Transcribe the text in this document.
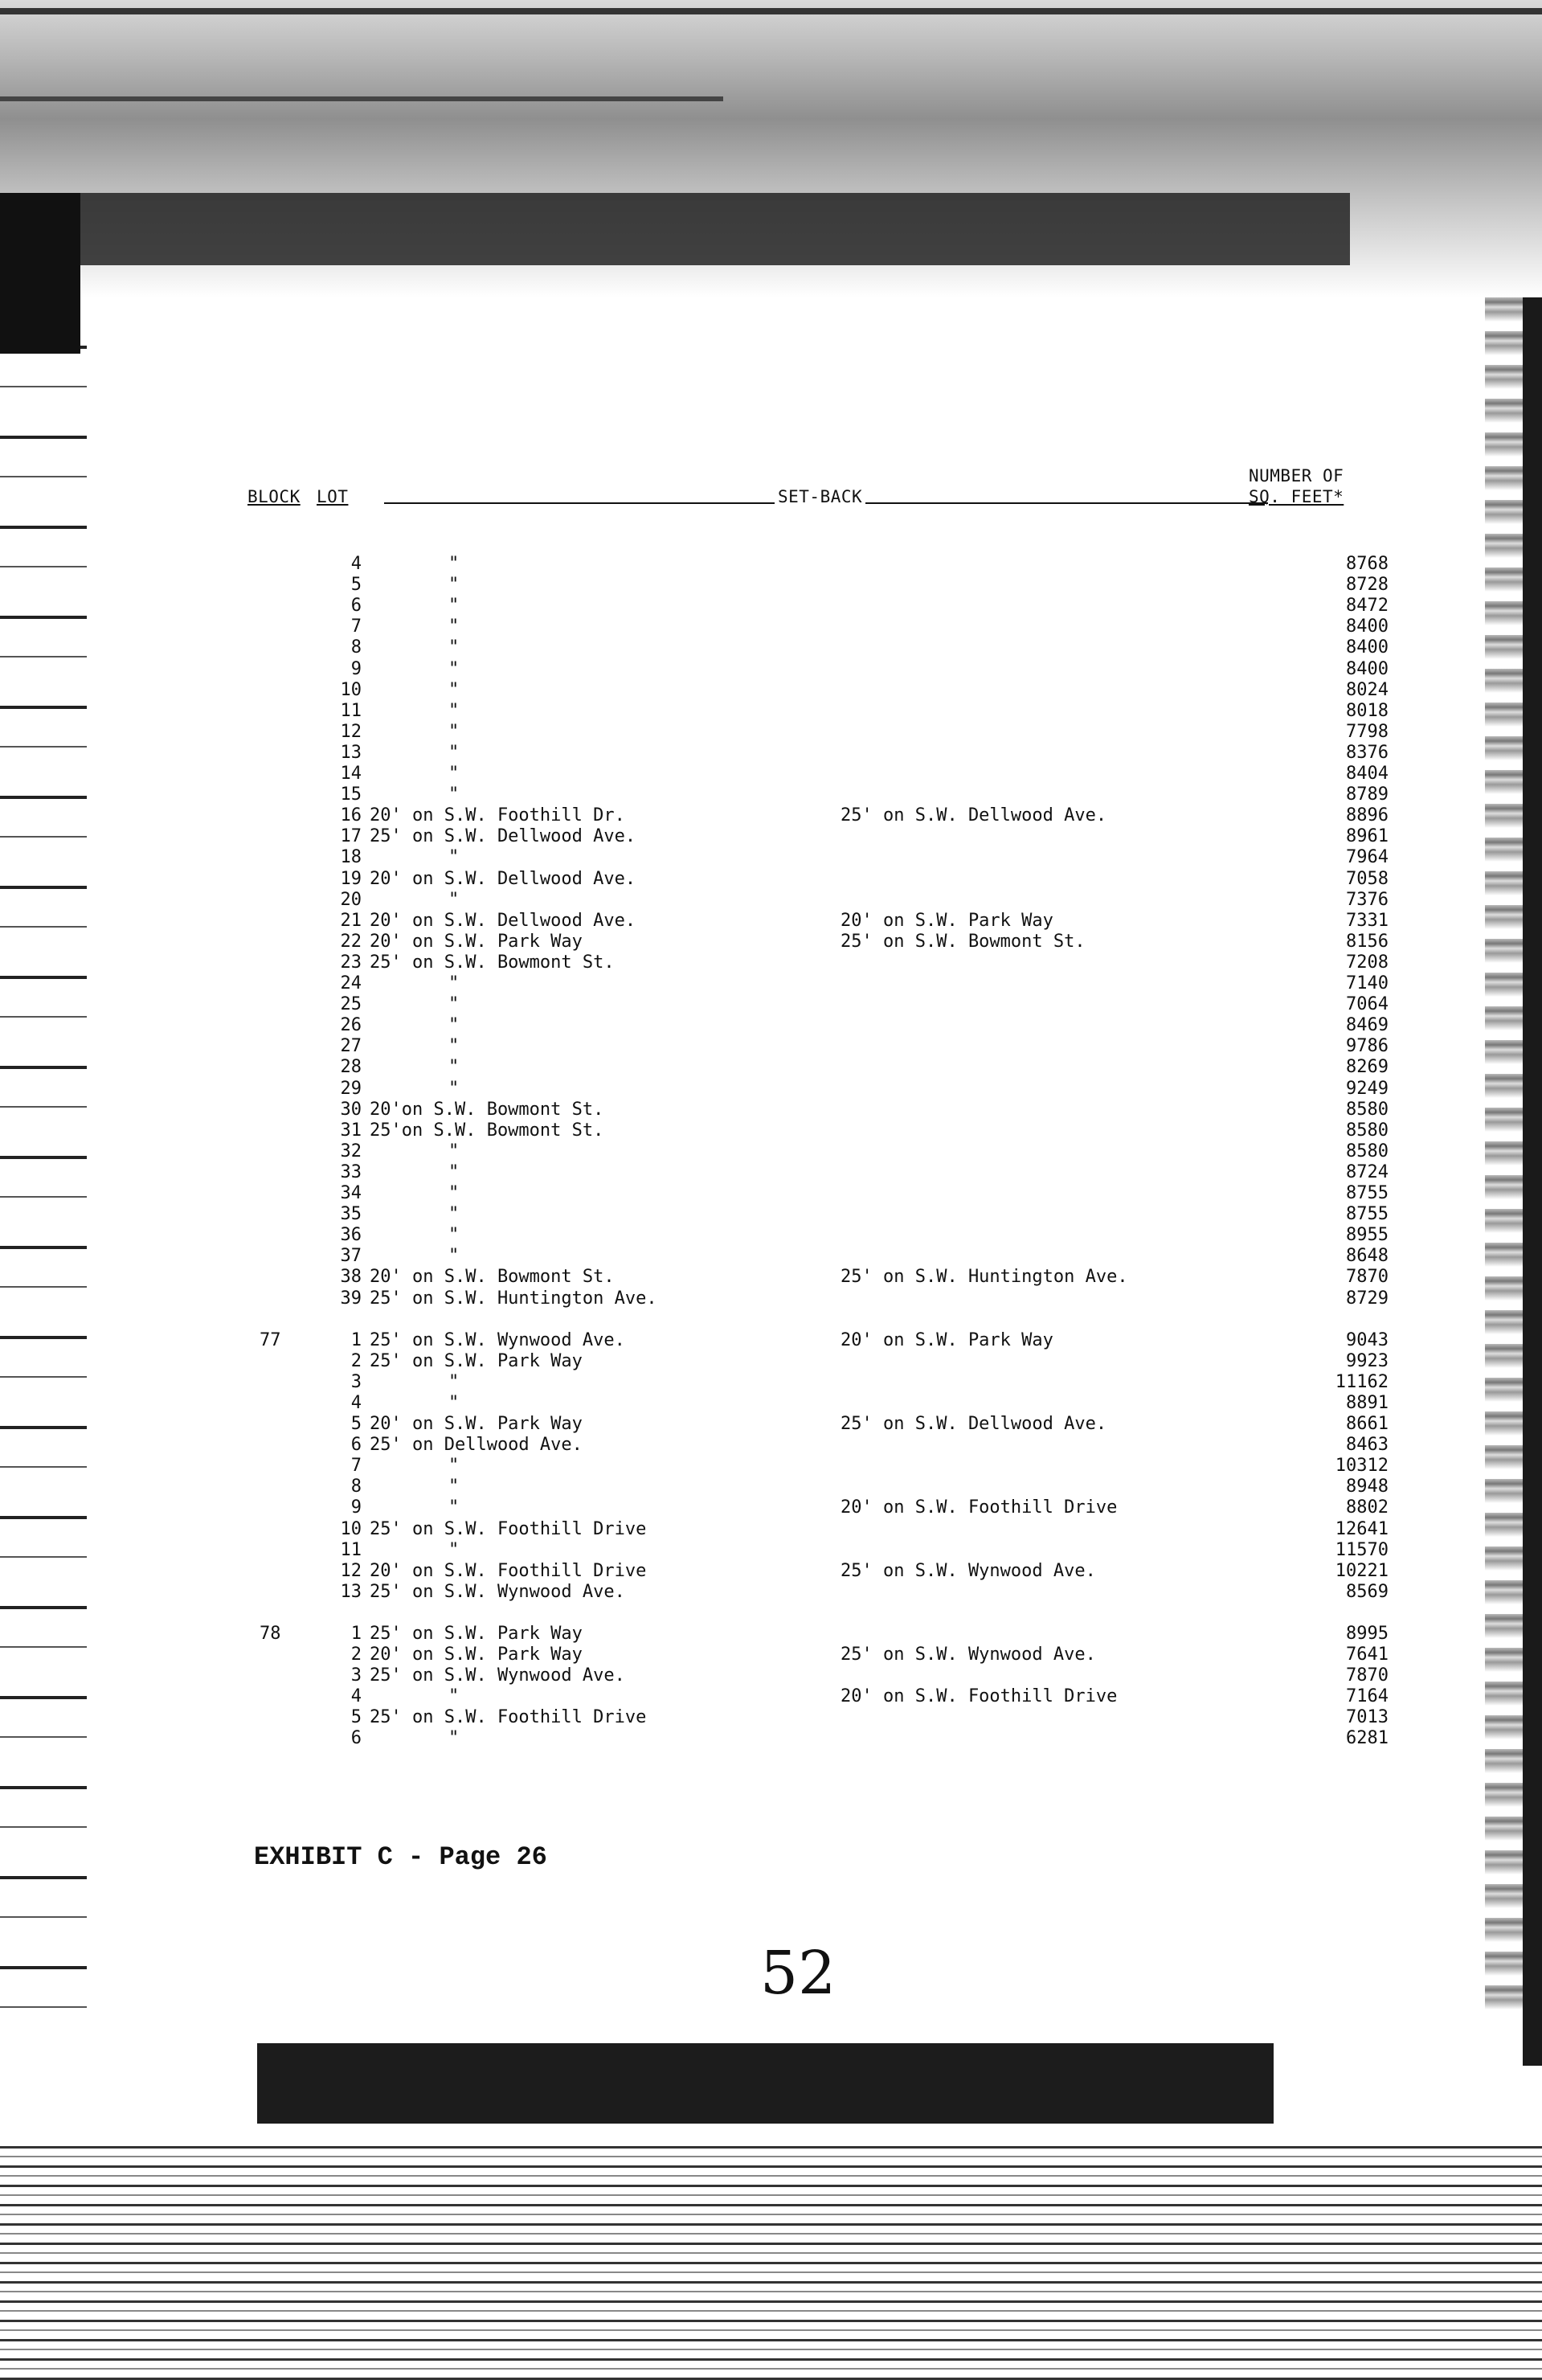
BLOCK LOT	SET-BACK
NUMBER OF
SQ. FEET*
4	"	8768
5	"	8728
6	"	8472
7	"	8400
8	"	8400
9	"	8400
10	"	8024
11	"	8018
12	"	7798
13	"	8376
14	"	8404
15	"	8789
16 20' on S.W. Foothill Dr.	25' on S.W. Dellwood Ave.	8896
17 25' on S.W. Dellwood Ave.	8961
18	"	7964
19 20' on S.W. Dellwood Ave.	7058
20	"	7376
21 20' on S.W. Dellwood Ave.	20' on S.W. Park Way	7331
22 20' on S.W. Park Way	25' on S.W. Bowmont St.	8156
23 25' on S.W. Bowmont St.	7208
24	"	7140
25	"	7064
26	"	8469
27	"	9786
28	"	8269
29	"	9249
30 20'on S.W. Bowmont St.	8580
31 25'on S.W. Bowmont St.	8580
32	"	8580
33	"	8724
34	"	8755
35	"	8755
36	"	8955
37	"	8648
38 20' on S.W. Bowmont St.	25' on S.W. Huntington Ave.	7870
39 25' on S.W. Huntington Ave.	8729
77	1 25' on S.W. Wynwood Ave.	20' on S.W. Park Way	9043
2 25' on S.W. Park Way	9923
3	"	11162
4	"	8891
5 20' on S.W. Park Way	25' on S.W. Dellwood Ave.	8661
6 25' on Dellwood Ave.	8463
7	"	10312
8	"	8948
9	"	20' on S.W. Foothill Drive	8802
10 25' on S.W. Foothill Drive	12641
11	"	11570
12 20' on S.W. Foothill Drive	25' on S.W. Wynwood Ave.	10221
13 25' on S.W. Wynwood Ave.	8569
78	1 25' on S.W. Park Way	8995
2 20' on S.W. Park Way	25' on S.W. Wynwood Ave.	7641
3 25' on S.W. Wynwood Ave.	7870
4	"	20' on S.W. Foothill Drive	7164
5 25' on S.W. Foothill Drive	7013
6	"	6281
EXHIBIT C - Page 26
52
